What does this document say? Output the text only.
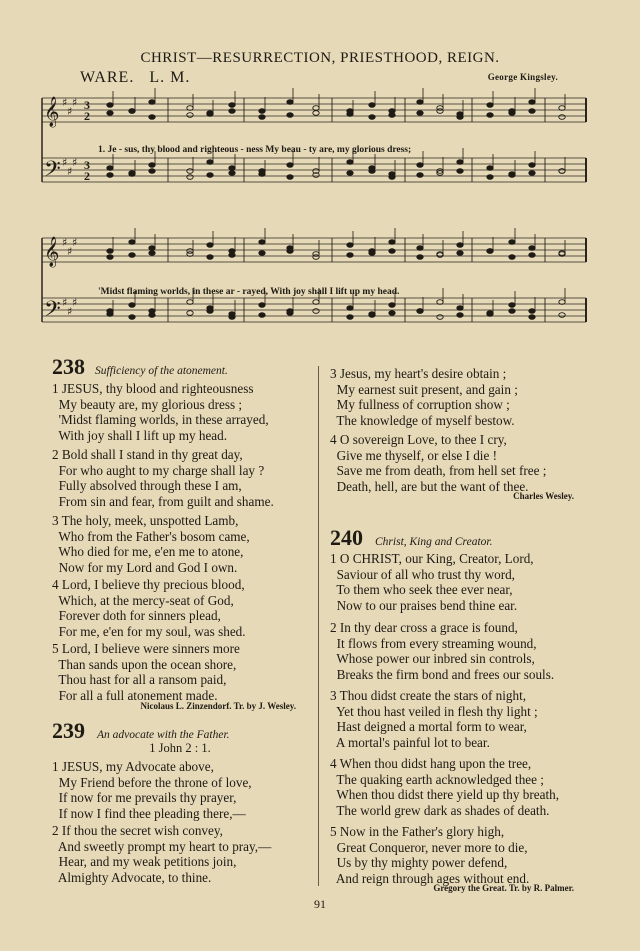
CHRIST—RESURRECTION, PRIESTHOOD, REIGN.
WARE. L. M.	George Kingsley.
𝄞 ♯
♯
♯
𝄢 ♯
♯
♯
3
2
3
2
1. Je - sus, thy blood and righteous - ness My beau - ty are, my glorious dress;
𝄞 ♯
♯
♯
𝄢 ♯
♯
♯
'Midst flaming worlds, in these ar - rayed, With joy shall I lift up my head.
238 Sufficiency of the atonement.
1 JESUS, thy blood and righteousness
My beauty are, my glorious dress ;
'Midst flaming worlds, in these arrayed,
With joy shall I lift up my head.
2 Bold shall I stand in thy great day,
For who aught to my charge shall lay ?
Fully absolved through these I am,
From sin and fear, from guilt and shame.
3 The holy, meek, unspotted Lamb,
Who from the Father's bosom came,
Who died for me, e'en me to atone,
Now for my Lord and God I own.
4 Lord, I believe thy precious blood,
Which, at the mercy-seat of God,
Forever doth for sinners plead,
For me, e'en for my soul, was shed.
5 Lord, I believe were sinners more
Than sands upon the ocean shore,
Thou hast for all a ransom paid,
For all a full atonement made.
Nicolaus L. Zinzendorf. Tr. by J. Wesley.
239 An advocate with the Father.
1 John 2 : 1.
1 JESUS, my Advocate above,
My Friend before the throne of love,
If now for me prevails thy prayer,
If now I find thee pleading there,—
2 If thou the secret wish convey,
And sweetly prompt my heart to pray,—
Hear, and my weak petitions join,
Almighty Advocate, to thine.
3 Jesus, my heart's desire obtain ;
My earnest suit present, and gain ;
My fullness of corruption show ;
The knowledge of myself bestow.
4 O sovereign Love, to thee I cry,
Give me thyself, or else I die !
Save me from death, from hell set free ;
Death, hell, are but the want of thee.
Charles Wesley.
240 Christ, King and Creator.
1 O CHRIST, our King, Creator, Lord,
Saviour of all who trust thy word,
To them who seek thee ever near,
Now to our praises bend thine ear.
2 In thy dear cross a grace is found,
It flows from every streaming wound,
Whose power our inbred sin controls,
Breaks the firm bond and frees our souls.
3 Thou didst create the stars of night,
Yet thou hast veiled in flesh thy light ;
Hast deigned a mortal form to wear,
A mortal's painful lot to bear.
4 When thou didst hang upon the tree,
The quaking earth acknowledged thee ;
When thou didst there yield up thy breath,
The world grew dark as shades of death.
5 Now in the Father's glory high,
Great Conqueror, never more to die,
Us by thy mighty power defend,
And reign through ages without end.
Gregory the Great. Tr. by R. Palmer.
91
